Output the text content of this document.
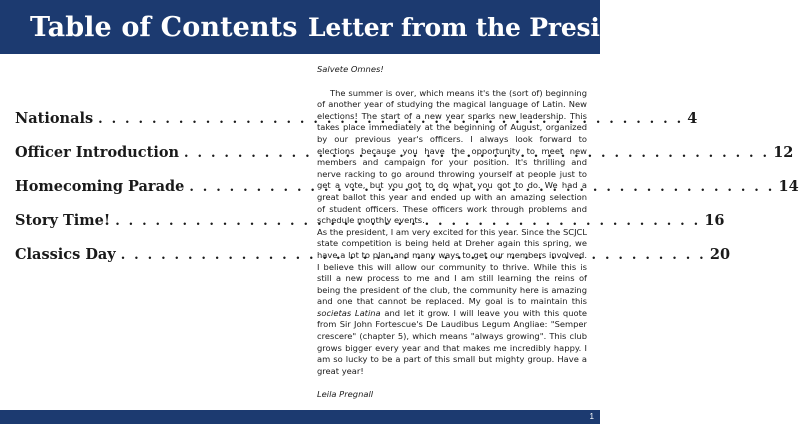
Table of Contents Letter from the President
Nationals . . .	4
Officer Introduction . . .	12
Homecoming Parade . . .	14
Story Time! . . .	16
Classics Day . . .	20

Salvete Omnes!

The summer is over, which means it's the (sort of) beginning of another year of studying the magical language of Latin. New elections! The start of a new year sparks new leadership. This takes place immediately at the beginning of August, organized by our previous year's officers. I always look forward to elections because you have the opportunity to meet new members and campaign for your position. It's thrilling and nerve racking to go around throwing yourself at people just to get a vote, but you got to do what you got to do. We had a great ballot this year and ended up with an amazing selection of student officers. These officers work through problems and schedule monthly events.

As the president, I am very excited for this year. Since the SCJCL state competition is being held at Dreher again this spring, we have a lot to plan and many ways to get our members involved. I believe this will allow our community to thrive. While this is still a new process to me and I am still learning the reins of being the president of the club, the community here is amazing and one that cannot be replaced. My goal is to maintain this societas Latina and let it grow. I will leave you with this quote from Sir John Fortescue's De Laudibus Legum Angliae: "Semper crescere" (chapter 5), which means "always growing". This club grows bigger every year and that makes me incredibly happy. I am so lucky to be a part of this small but mighty group. Have a great year!

Leila Pregnall

1
